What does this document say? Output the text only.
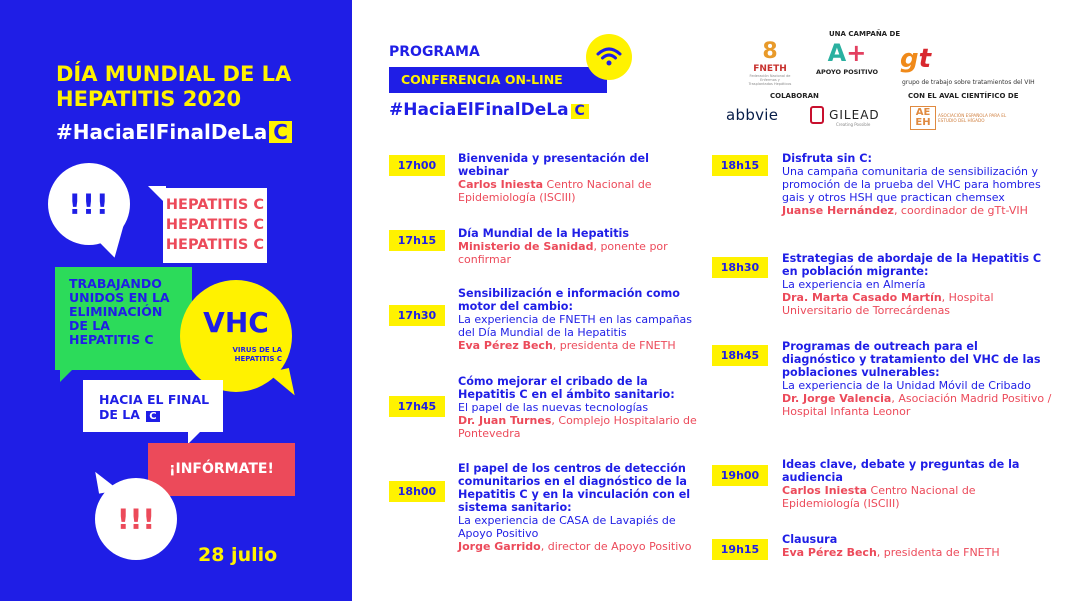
DÍA MUNDIAL DE LA HEPATITIS 2020
#HaciaElFinalDeLa C
!!!	HEPATITIS C
HEPATITIS C
HEPATITIS C
TRABAJANDO UNIDOS EN LA ELIMINACIÓN DE LA HEPATITIS C
VHC
VIRUS DE LA HEPATITIS C
HACIA EL FINAL DE LA C
¡INFÓRMATE!
!!!
28 julio
PROGRAMA
CONFERENCIA ON-LINE
#HaciaElFinalDeLa C
UNA CAMPAÑA DE
8
FNETH
Federación Nacional de Enfermos y Trasplantados Hepáticos
A+
APOYO POSITIVO gtgrupo de trabajo sobre tratamientos del VIH
COLABORAN	CON EL AVAL CIENTÍFICO DE
abbvie	GILEAD
Creating Possible
AE EHASOCIACIÓN ESPAÑOLA PARA EL ESTUDIO DEL HÍGADO
17h00
Bienvenida y presentación del webinar
Carlos Iniesta Centro Nacional de Epidemiología (ISCIII)
17h15
Día Mundial de la Hepatitis
Ministerio de Sanidad, ponente por confirmar
17h30
Sensibilización e información como motor del cambio:
La experiencia de FNETH en las campañas del Día Mundial de la Hepatitis
Eva Pérez Bech, presidenta de FNETH
17h45
Cómo mejorar el cribado de la Hepatitis C en el ámbito sanitario:
El papel de las nuevas tecnologías
Dr. Juan Turnes, Complejo Hospitalario de Pontevedra
18h00
El papel de los centros de detección comunitarios en el diagnóstico de la Hepatitis C y en la vinculación con el sistema sanitario:
La experiencia de CASA de Lavapiés de Apoyo Positivo
Jorge Garrido, director de Apoyo Positivo
18h15
Disfruta sin C:
Una campaña comunitaria de sensibilización y promoción de la prueba del VHC para hombres gais y otros HSH que practican chemsex
Juanse Hernández, coordinador de gTt-VIH
18h30
Estrategias de abordaje de la Hepatitis C en población migrante:
La experiencia en Almería
Dra. Marta Casado Martín, Hospital Universitario de Torrecárdenas
18h45
Programas de outreach para el diagnóstico y tratamiento del VHC de las poblaciones vulnerables:
La experiencia de la Unidad Móvil de Cribado
Dr. Jorge Valencia, Asociación Madrid Positivo / Hospital Infanta Leonor
19h00
Ideas clave, debate y preguntas de la audiencia
Carlos Iniesta Centro Nacional de Epidemiología (ISCIII)
19h15
Clausura
Eva Pérez Bech, presidenta de FNETH
